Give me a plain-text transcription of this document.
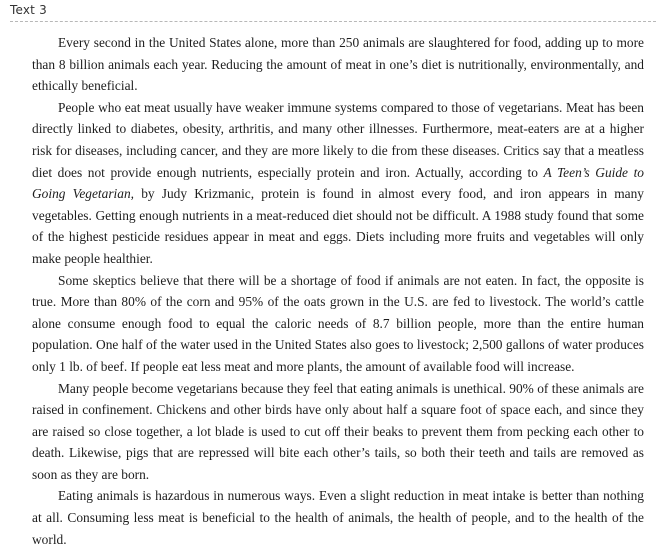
Text 3

Every second in the United States alone, more than 250 animals are slaughtered for food, adding up to more than 8 billion animals each year. Reducing the amount of meat in one’s diet is nutritionally, environmentally, and ethically beneficial.

People who eat meat usually have weaker immune systems compared to those of vegetarians. Meat has been directly linked to diabetes, obesity, arthritis, and many other illnesses. Furthermore, meat-eaters are at a higher risk for diseases, including cancer, and they are more likely to die from these diseases. Critics say that a meatless diet does not provide enough nutrients, especially protein and iron. Actually, according to A Teen’s Guide to Going Vegetarian, by Judy Krizmanic, protein is found in almost every food, and iron appears in many vegetables. Getting enough nutrients in a meat-reduced diet should not be difficult. A 1988 study found that some of the highest pesticide residues appear in meat and eggs. Diets including more fruits and vegetables will only make people healthier.

Some skeptics believe that there will be a shortage of food if animals are not eaten. In fact, the opposite is true. More than 80% of the corn and 95% of the oats grown in the U.S. are fed to livestock. The world’s cattle alone consume enough food to equal the caloric needs of 8.7 billion people, more than the entire human population. One half of the water used in the United States also goes to livestock; 2,500 gallons of water produces only 1 lb. of beef. If people eat less meat and more plants, the amount of available food will increase.

Many people become vegetarians because they feel that eating animals is unethical. 90% of these animals are raised in confinement. Chickens and other birds have only about half a square foot of space each, and since they are raised so close together, a lot blade is used to cut off their beaks to prevent them from pecking each other to death. Likewise, pigs that are repressed will bite each other’s tails, so both their teeth and tails are removed as soon as they are born.

Eating animals is hazardous in numerous ways. Even a slight reduction in meat intake is better than nothing at all. Consuming less meat is beneficial to the health of animals, the health of people, and to the health of the world.
